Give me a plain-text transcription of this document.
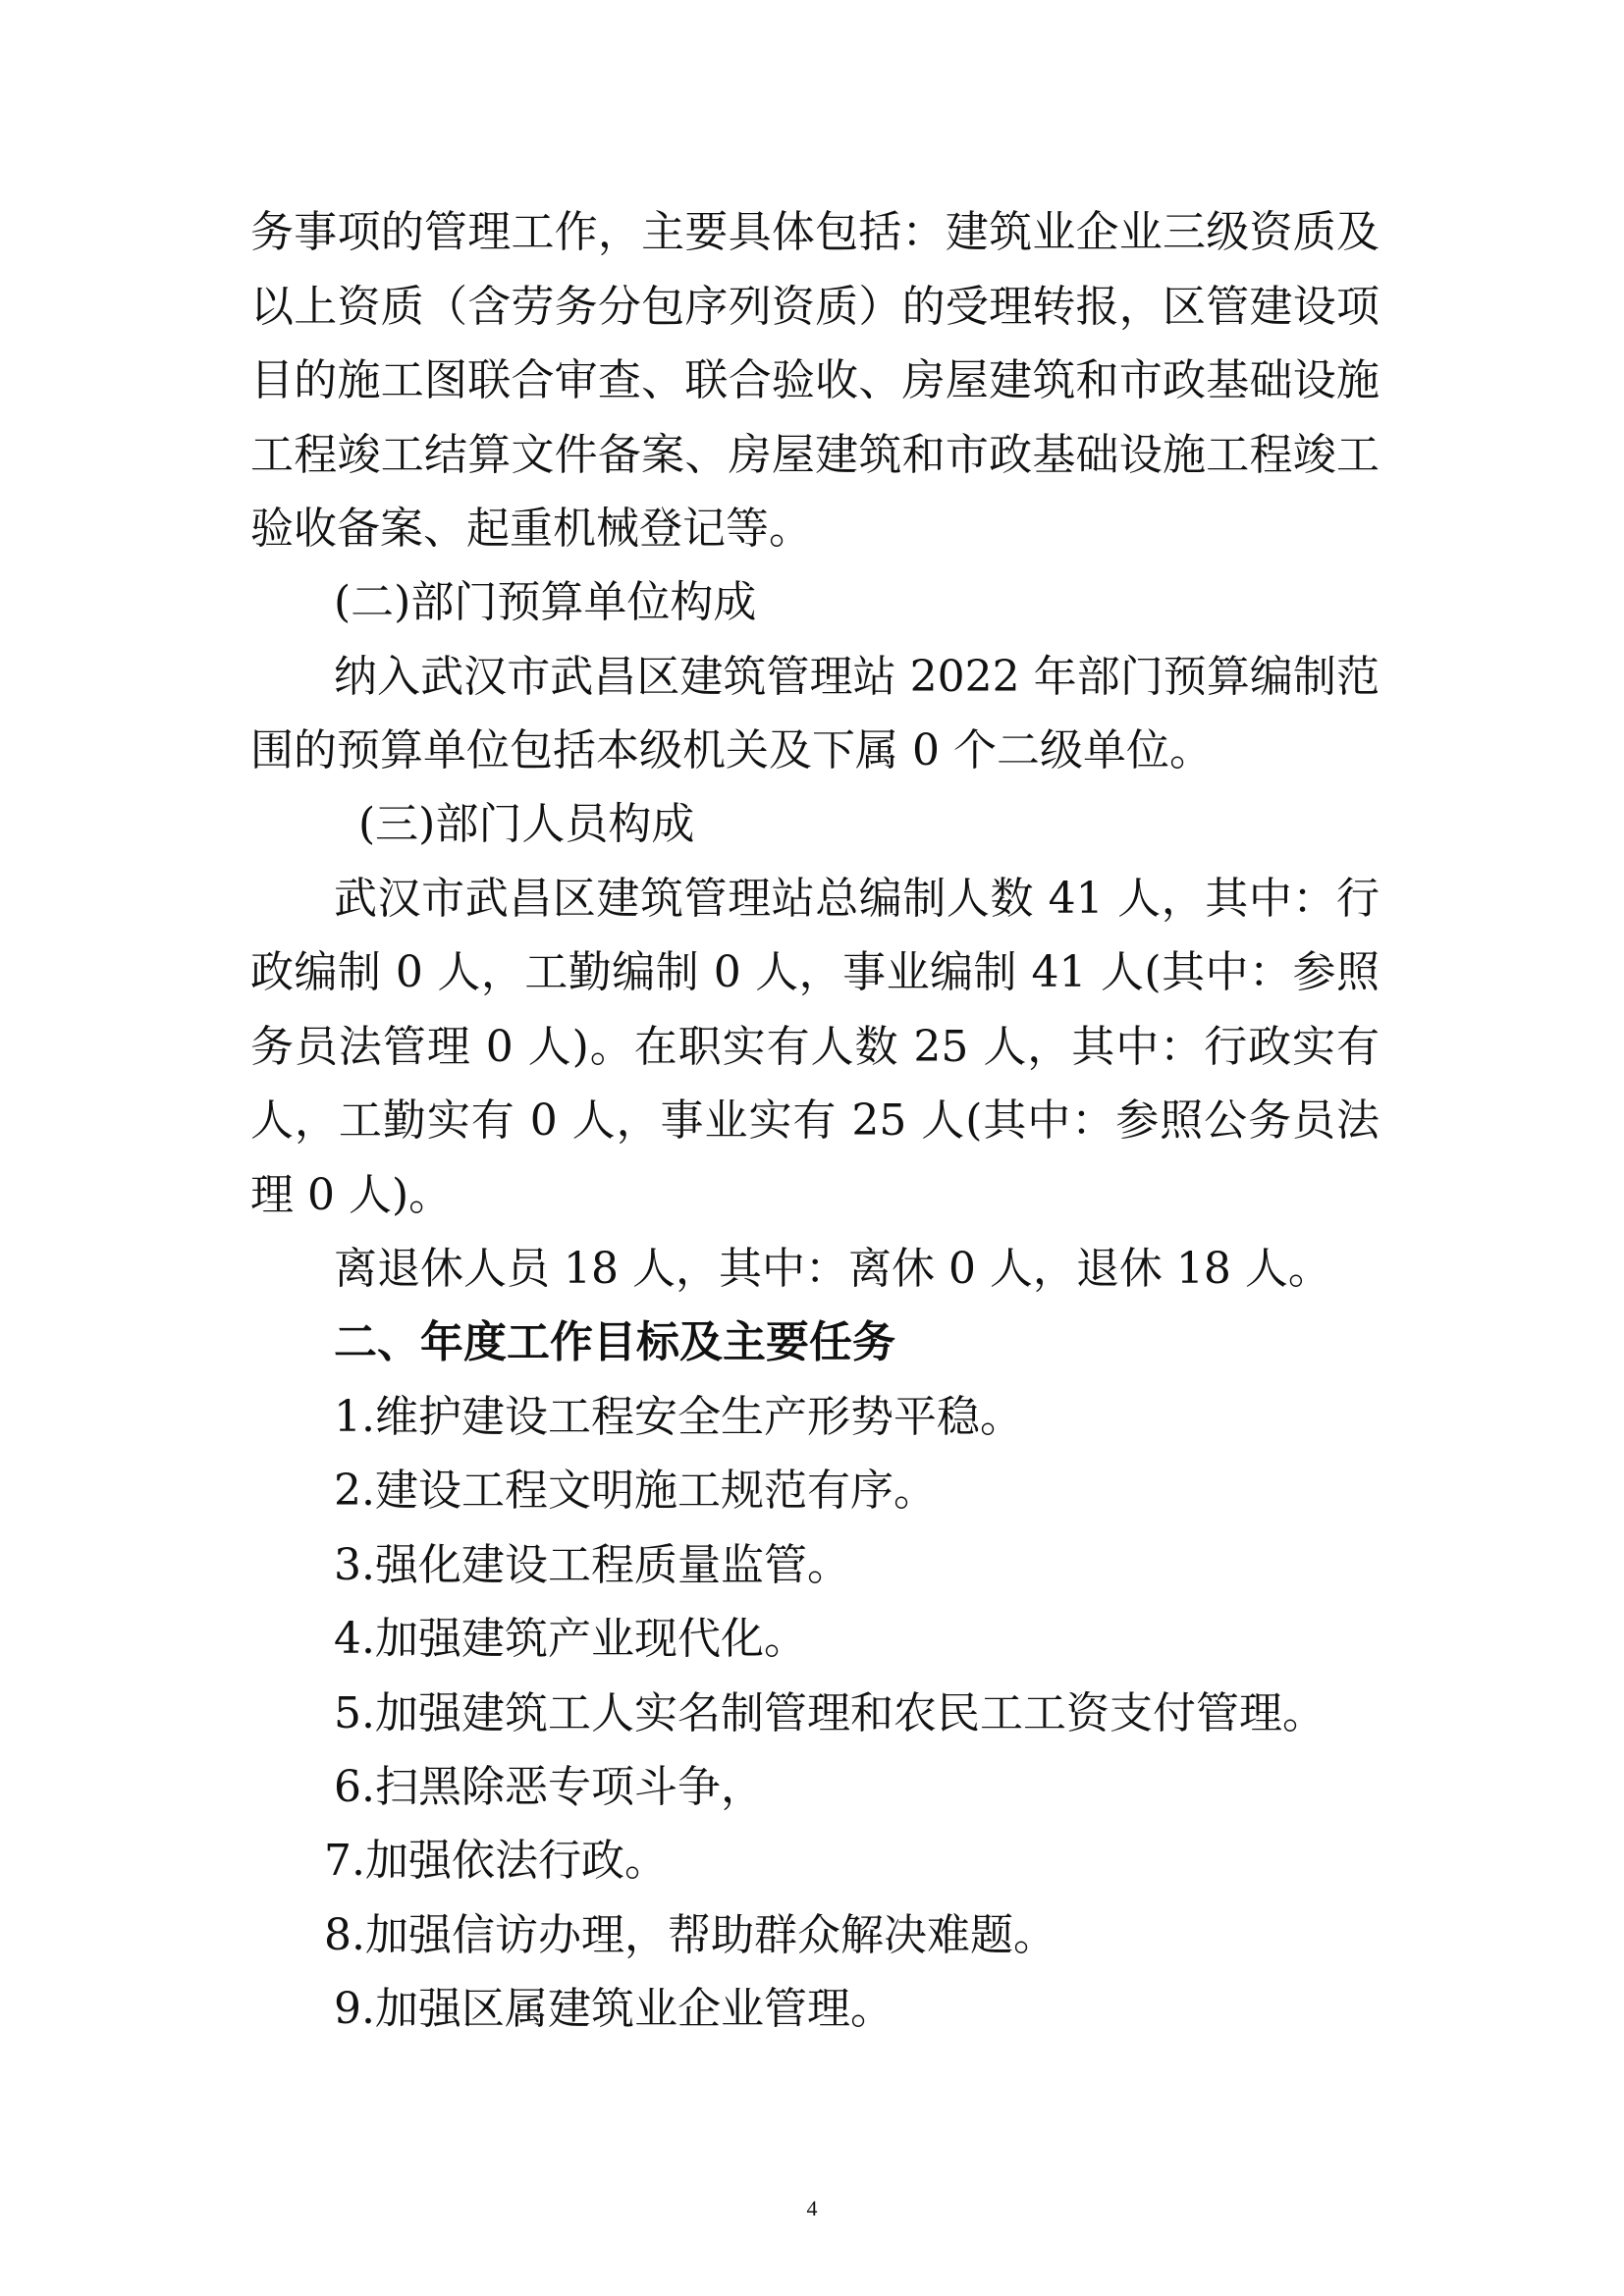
务事项的管理工作，主要具体包括：建筑业企业三级资质及
以上资质（含劳务分包序列资质）的受理转报，区管建设项
目的施工图联合审查、联合验收、房屋建筑和市政基础设施
工程竣工结算文件备案、房屋建筑和市政基础设施工程竣工
验收备案、起重机械登记等。
(二)部门预算单位构成
纳入武汉市武昌区建筑管理站 2022 年部门预算编制范
围的预算单位包括本级机关及下属 0 个二级单位。
(三)部门人员构成
武汉市武昌区建筑管理站总编制人数 41 人，其中：行
政编制 0 人，工勤编制 0 人，事业编制 41 人(其中：参照
务员法管理 0 人)。在职实有人数 25 人，其中：行政实有
人，工勤实有 0 人，事业实有 25 人(其中：参照公务员法
理 0 人)。
离退休人员 18 人，其中：离休 0 人，退休 18 人。
二、年度工作目标及主要任务
1.维护建设工程安全生产形势平稳。
2.建设工程文明施工规范有序。
3.强化建设工程质量监管。
4.加强建筑产业现代化。
5.加强建筑工人实名制管理和农民工工资支付管理。
6.扫黑除恶专项斗争，
7.加强依法行政。
8.加强信访办理，帮助群众解决难题。
9.加强区属建筑业企业管理。
4
